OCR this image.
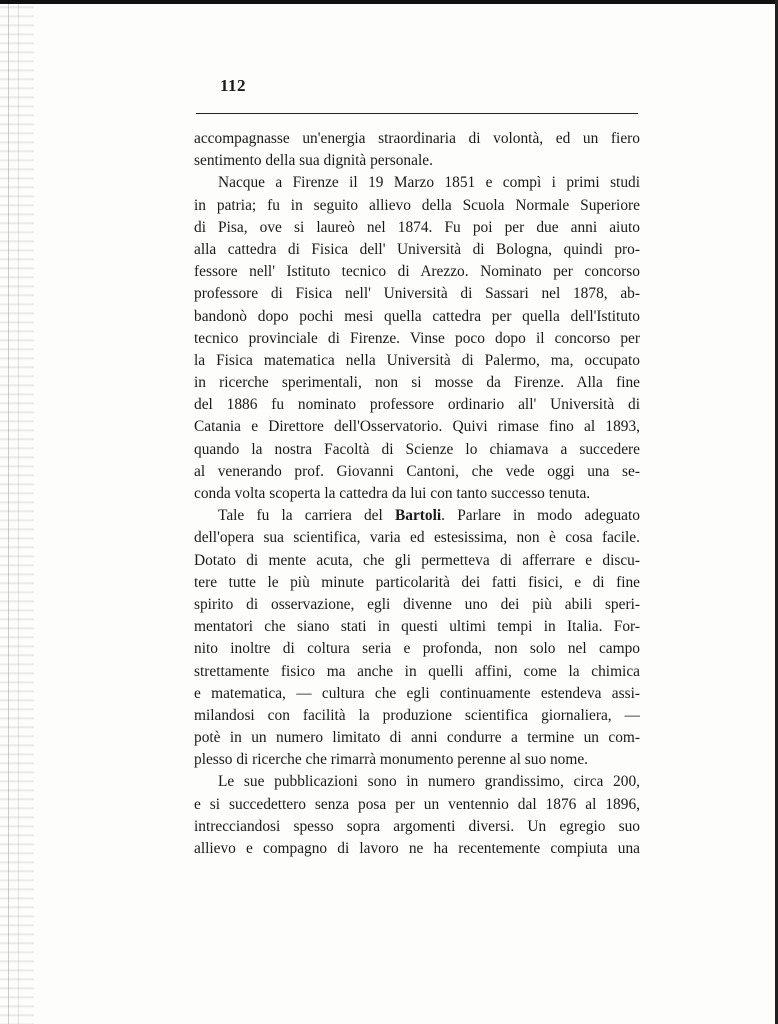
112
accompagnasse un'energia straordinaria di volontà, ed un fiero
sentimento della sua dignità personale.
Nacque a Firenze il 19 Marzo 1851 e compì i primi studi
in patria; fu in seguito allievo della Scuola Normale Superiore
di Pisa, ove si laureò nel 1874. Fu poi per due anni aiuto
alla cattedra di Fisica dell' Università di Bologna, quindi pro-
fessore nell' Istituto tecnico di Arezzo. Nominato per concorso
professore di Fisica nell' Università di Sassari nel 1878, ab-
bandonò dopo pochi mesi quella cattedra per quella dell'Istituto
tecnico provinciale di Firenze. Vinse poco dopo il concorso per
la Fisica matematica nella Università di Palermo, ma, occupato
in ricerche sperimentali, non si mosse da Firenze. Alla fine
del 1886 fu nominato professore ordinario all' Università di
Catania e Direttore dell'Osservatorio. Quivi rimase fino al 1893,
quando la nostra Facoltà di Scienze lo chiamava a succedere
al venerando prof. Giovanni Cantoni, che vede oggi una se-
conda volta scoperta la cattedra da lui con tanto successo tenuta.
Tale fu la carriera del Bartoli. Parlare in modo adeguato
dell'opera sua scientifica, varia ed estesissima, non è cosa facile.
Dotato di mente acuta, che gli permetteva di afferrare e discu-
tere tutte le più minute particolarità dei fatti fisici, e di fine
spirito di osservazione, egli divenne uno dei più abili speri-
mentatori che siano stati in questi ultimi tempi in Italia. For-
nito inoltre di coltura seria e profonda, non solo nel campo
strettamente fisico ma anche in quelli affini, come la chimica
e matematica, — cultura che egli continuamente estendeva assi-
milandosi con facilità la produzione scientifica giornaliera, —
potè in un numero limitato di anni condurre a termine un com-
plesso di ricerche che rimarrà monumento perenne al suo nome.
Le sue pubblicazioni sono in numero grandissimo, circa 200,
e si succedettero senza posa per un ventennio dal 1876 al 1896,
intrecciandosi spesso sopra argomenti diversi. Un egregio suo
allievo e compagno di lavoro ne ha recentemente compiuta una
